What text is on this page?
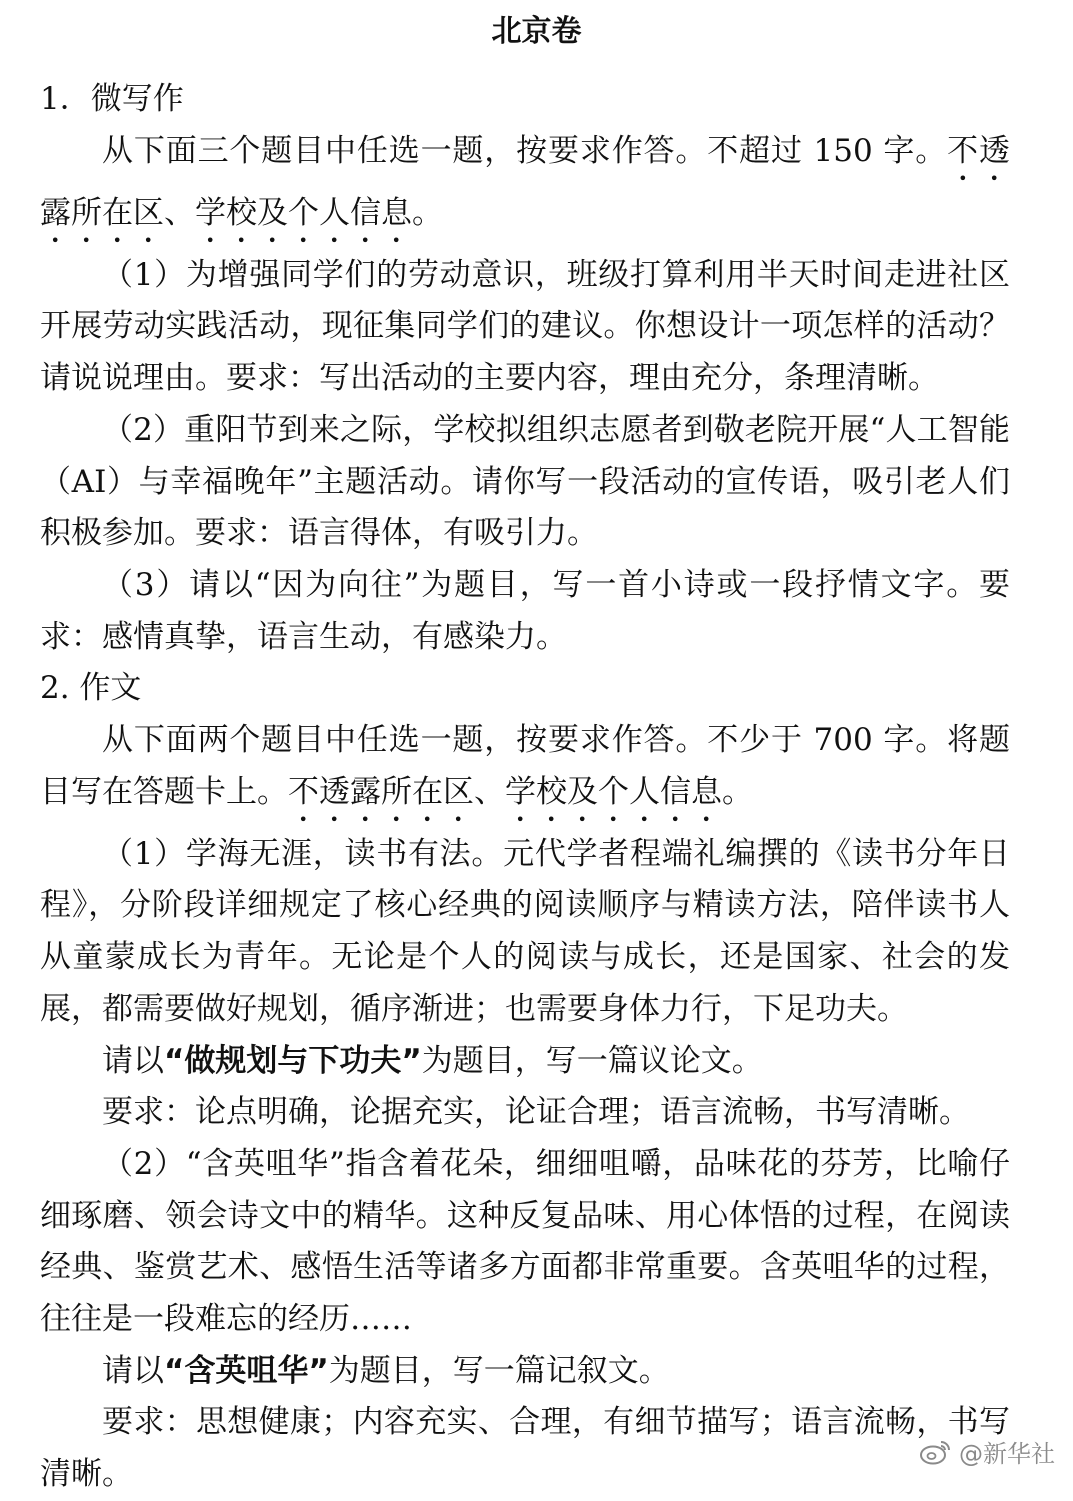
北京卷

1．微写作

从下面三个题目中任选一题，按要求作答。不超过 150 字。不透露所在区、学校及个人信息。

（1）为增强同学们的劳动意识，班级打算利用半天时间走进社区开展劳动实践活动，现征集同学们的建议。你想设计一项怎样的活动？请说说理由。要求：写出活动的主要内容，理由充分，条理清晰。

（2）重阳节到来之际，学校拟组织志愿者到敬老院开展“人工智能（AI）与幸福晚年”主题活动。请你写一段活动的宣传语，吸引老人们积极参加。要求：语言得体，有吸引力。

（3）请以“因为向往”为题目，写一首小诗或一段抒情文字。要求：感情真挚，语言生动，有感染力。

2. 作文

从下面两个题目中任选一题，按要求作答。不少于 700 字。将题目写在答题卡上。不透露所在区、学校及个人信息。

（1）学海无涯，读书有法。元代学者程端礼编撰的《读书分年日程》，分阶段详细规定了核心经典的阅读顺序与精读方法，陪伴读书人从童蒙成长为青年。无论是个人的阅读与成长，还是国家、社会的发展，都需要做好规划，循序渐进；也需要身体力行，下足功夫。

请以“做规划与下功夫”为题目，写一篇议论文。

要求：论点明确，论据充实，论证合理；语言流畅，书写清晰。

（2）“含英咀华”指含着花朵，细细咀嚼，品味花的芬芳，比喻仔细琢磨、领会诗文中的精华。这种反复品味、用心体悟的过程，在阅读经典、鉴赏艺术、感悟生活等诸多方面都非常重要。含英咀华的过程，往往是一段难忘的经历……

请以“含英咀华”为题目，写一篇记叙文。

要求：思想健康；内容充实、合理，有细节描写；语言流畅，书写清晰。

@新华社
